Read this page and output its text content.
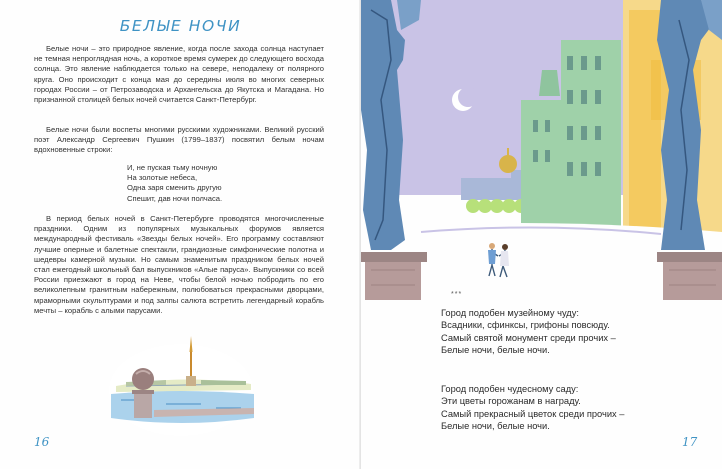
БЕЛЫЕ НОЧИ

Белые ночи – это природное явление, когда после захода солнца наступает не темная непроглядная ночь, а короткое время сумерек до следующего восхода солнца. Это явление наблюдается только на севере, неподалеку от полярного круга. Оно происходит с конца мая до середины июля во многих северных городах России – от Петрозаводска и Архангельска до Якутска и Магадана. Но признанной столицей белых ночей считается Санкт-Петербург.

Белые ночи были воспеты многими русскими художниками. Великий русский поэт Александр Сергеевич Пушкин (1799–1837) посвятил белым ночам вдохновенные строки:

И, не пуская тьму ночную
На золотые небеса,
Одна заря сменить другую
Спешит, дав ночи полчаса.

В период белых ночей в Санкт-Петербурге проводятся многочисленные праздники. Одним из популярных музыкальных форумов является международный фестиваль «Звезды белых ночей». Его программу составляют лучшие оперные и балетные спектакли, грандиозные симфонические полотна и шедевры камерной музыки. Но самым знаменитым праздником белых ночей стал ежегодный школьный бал выпускников «Алые паруса». Выпускники со всей России приезжают в город на Неве, чтобы белой ночью побродить по его великолепным гранитным набережным, полюбоваться прекрасными дворцами, мраморными скульптурами и под залпы салюта встретить легендарный корабль мечты – корабль с алыми парусами.

16
***
Город подобен музейному чуду:
Всадники, сфинксы, грифоны повсюду.
Самый святой монумент среди прочих –
Белые ночи, белые ночи.
Город подобен чудесному саду:
Эти цветы горожанам в награду.
Самый прекрасный цветок среди прочих –
Белые ночи, белые ночи.
17
